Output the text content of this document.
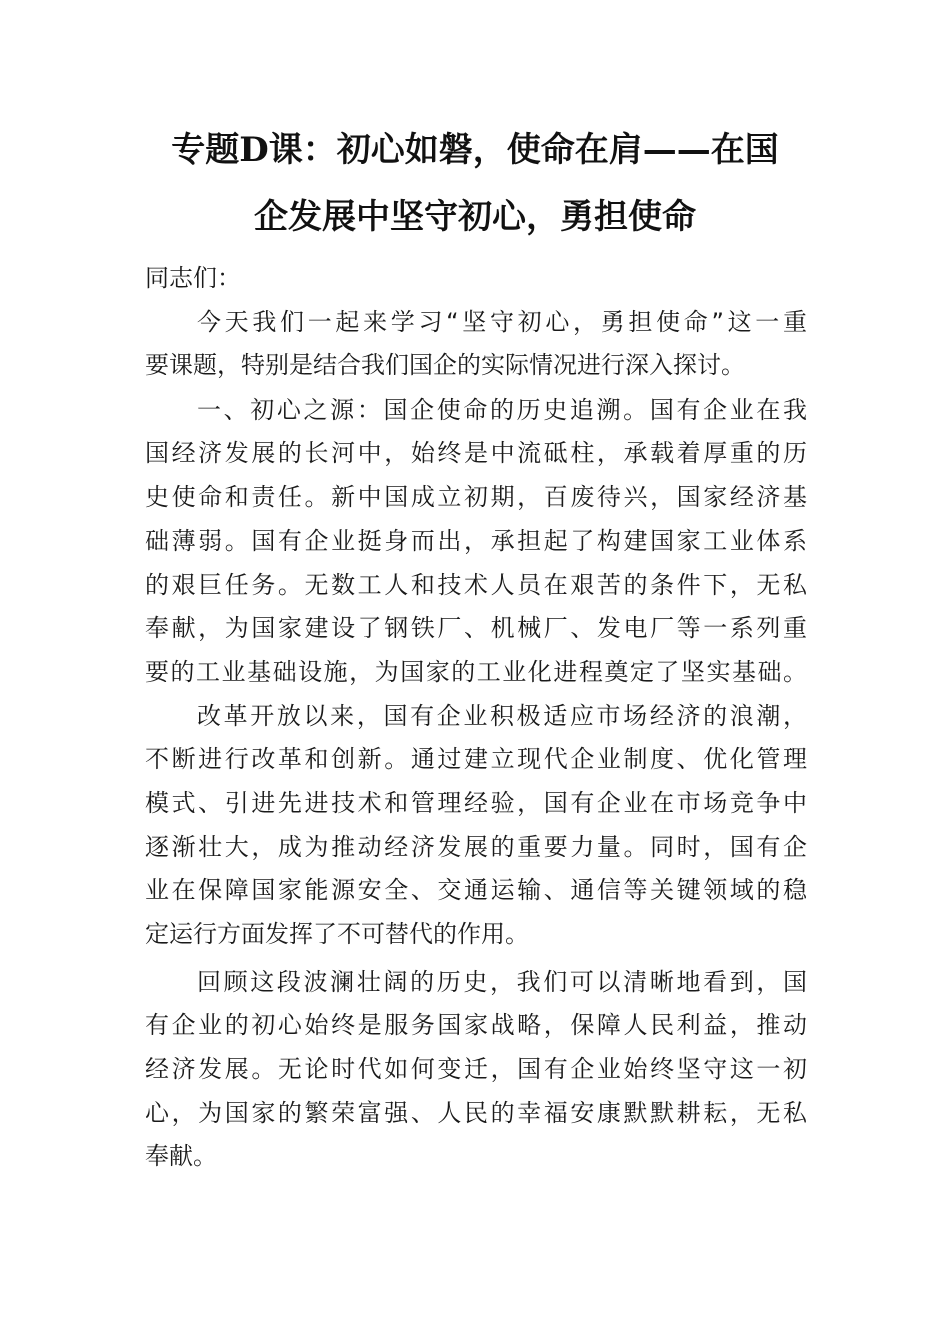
专题D课：初心如磐，使命在肩——在国
企发展中坚守初心，勇担使命
同志们：
今天我们一起来学习“坚守初心，勇担使命”这一重
要课题，特别是结合我们国企的实际情况进行深入探讨。
一、初心之源：国企使命的历史追溯。国有企业在我
国经济发展的长河中，始终是中流砥柱，承载着厚重的历
史使命和责任。新中国成立初期，百废待兴，国家经济基
础薄弱。国有企业挺身而出，承担起了构建国家工业体系
的艰巨任务。无数工人和技术人员在艰苦的条件下，无私
奉献，为国家建设了钢铁厂、机械厂、发电厂等一系列重
要的工业基础设施，为国家的工业化进程奠定了坚实基础。
改革开放以来，国有企业积极适应市场经济的浪潮，
不断进行改革和创新。通过建立现代企业制度、优化管理
模式、引进先进技术和管理经验，国有企业在市场竞争中
逐渐壮大，成为推动经济发展的重要力量。同时，国有企
业在保障国家能源安全、交通运输、通信等关键领域的稳
定运行方面发挥了不可替代的作用。
回顾这段波澜壮阔的历史，我们可以清晰地看到，国
有企业的初心始终是服务国家战略，保障人民利益，推动
经济发展。无论时代如何变迁，国有企业始终坚守这一初
心，为国家的繁荣富强、人民的幸福安康默默耕耘，无私
奉献。
